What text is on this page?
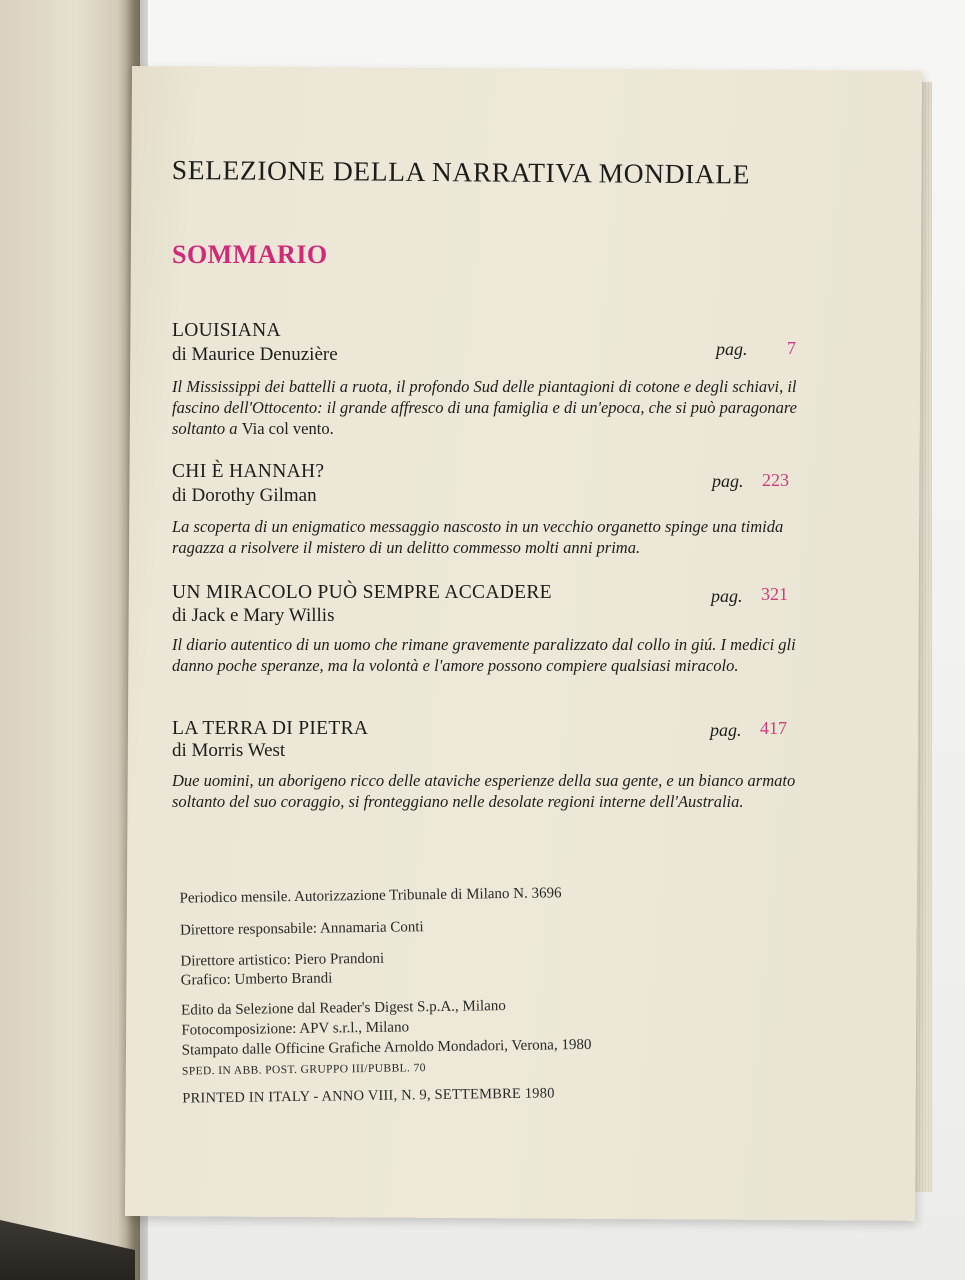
SELEZIONE DELLA NARRATIVA MONDIALE
SOMMARIO
LOUISIANA
di Maurice Denuzière	pag. 7
Il Mississippi dei battelli a ruota, il profondo Sud delle piantagioni di cotone e degli schiavi, il fascino dell'Ottocento: il grande affresco di una famiglia e di un'epoca, che si può paragonare soltanto a Via col vento.
CHI È HANNAH?
di Dorothy Gilman
pag. 223
La scoperta di un enigmatico messaggio nascosto in un vecchio organetto spinge una timida ragazza a risolvere il mistero di un delitto commesso molti anni prima.
UN MIRACOLO PUÒ SEMPRE ACCADERE
di Jack e Mary Willis
pag. 321
Il diario autentico di un uomo che rimane gravemente paralizzato dal collo in giú. I medici gli danno poche speranze, ma la volontà e l'amore possono compiere qualsiasi miracolo.
LA TERRA DI PIETRA
di Morris West
pag. 417
Due uomini, un aborigeno ricco delle ataviche esperienze della sua gente, e un bianco armato soltanto del suo coraggio, si fronteggiano nelle desolate regioni interne dell'Australia.
Periodico mensile. Autorizzazione Tribunale di Milano N. 3696
Direttore responsabile: Annamaria Conti
Direttore artistico: Piero Prandoni
Grafico: Umberto Brandi
Edito da Selezione dal Reader's Digest S.p.A., Milano
Fotocomposizione: APV s.r.l., Milano
Stampato dalle Officine Grafiche Arnoldo Mondadori, Verona, 1980
SPED. IN ABB. POST. GRUPPO III/PUBBL. 70
PRINTED IN ITALY - ANNO VIII, N. 9, SETTEMBRE 1980
